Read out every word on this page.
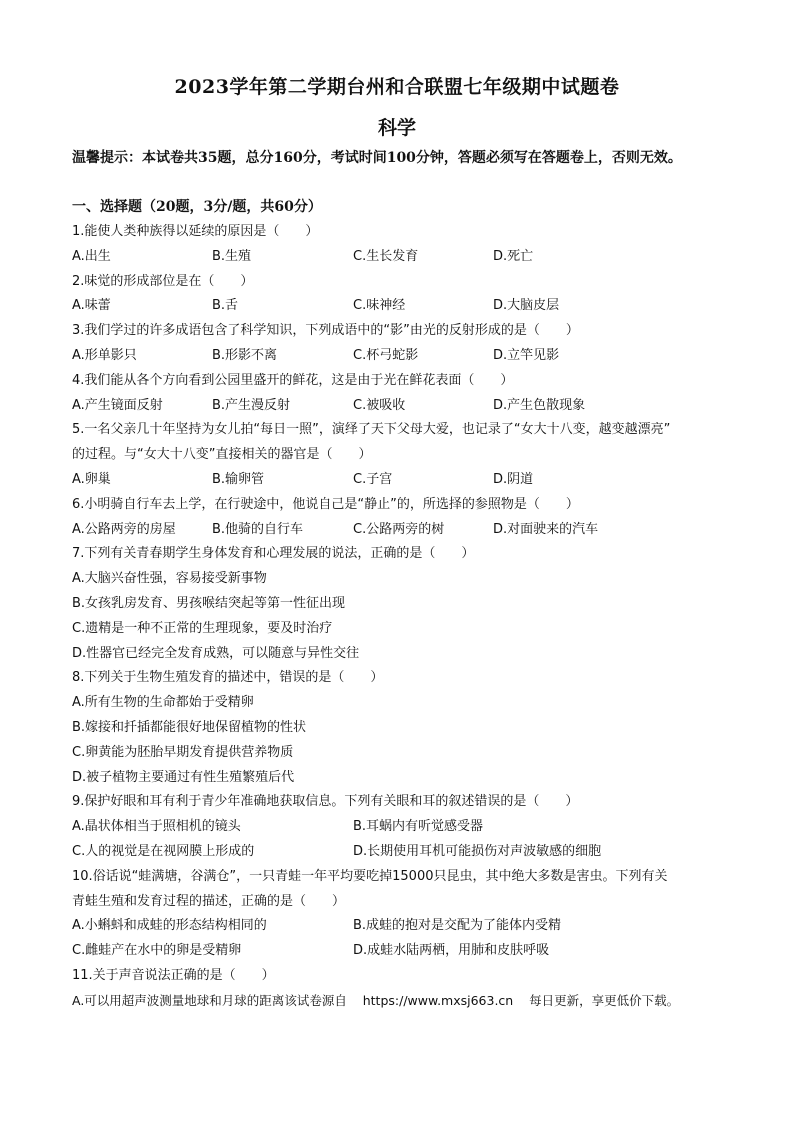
2023学年第二学期台州和合联盟七年级期中试题卷
科学
温馨提示：本试卷共35题，总分160分，考试时间100分钟，答题必须写在答题卷上，否则无效。
一、选择题（20题，3分/题，共60分）
1.能使人类种族得以延续的原因是（　　）
A.出生	B.生殖	C.生长发育	D.死亡
2.味觉的形成部位是在（　　）
A.味蕾	B.舌	C.味神经	D.大脑皮层
3.我们学过的许多成语包含了科学知识，下列成语中的“影”由光的反射形成的是（　　）
A.形单影只	B.形影不离	C.杯弓蛇影	D.立竿见影
4.我们能从各个方向看到公园里盛开的鲜花，这是由于光在鲜花表面（　　）
A.产生镜面反射	B.产生漫反射	C.被吸收	D.产生色散现象
5.一名父亲几十年坚持为女儿拍“每日一照”，演绎了天下父母大爱，也记录了“女大十八变，越变越漂亮”
的过程。与“女大十八变”直接相关的器官是（　　）
A.卵巢	B.输卵管	C.子宫	D.阴道
6.小明骑自行车去上学，在行驶途中，他说自己是“静止”的，所选择的参照物是（　　）
A.公路两旁的房屋	B.他骑的自行车	C.公路两旁的树	D.对面驶来的汽车
7.下列有关青春期学生身体发育和心理发展的说法，正确的是（　　）
A.大脑兴奋性强，容易接受新事物
B.女孩乳房发育、男孩喉结突起等第一性征出现
C.遗精是一种不正常的生理现象，要及时治疗
D.性器官已经完全发育成熟，可以随意与异性交往
8.下列关于生物生殖发育的描述中，错误的是（　　）
A.所有生物的生命都始于受精卵
B.嫁接和扦插都能很好地保留植物的性状
C.卵黄能为胚胎早期发育提供营养物质
D.被子植物主要通过有性生殖繁殖后代
9.保护好眼和耳有利于青少年准确地获取信息。下列有关眼和耳的叙述错误的是（　　）
A.晶状体相当于照相机的镜头	B.耳蜗内有听觉感受器
C.人的视觉是在视网膜上形成的	D.长期使用耳机可能损伤对声波敏感的细胞
10.俗话说“蛙满塘，谷满仓”，一只青蛙一年平均要吃掉15000只昆虫，其中绝大多数是害虫。下列有关
青蛙生殖和发育过程的描述，正确的是（　　）
A.小蝌蚪和成蛙的形态结构相同的	B.成蛙的抱对是交配为了能体内受精
C.雌蛙产在水中的卵是受精卵	D.成蛙水陆两栖，用肺和皮肤呼吸
11.关于声音说法正确的是（　　）
A.可以用超声波测量地球和月球的距离该试卷源自 https://www.mxsj663.cn 每日更新，享更低价下载。
